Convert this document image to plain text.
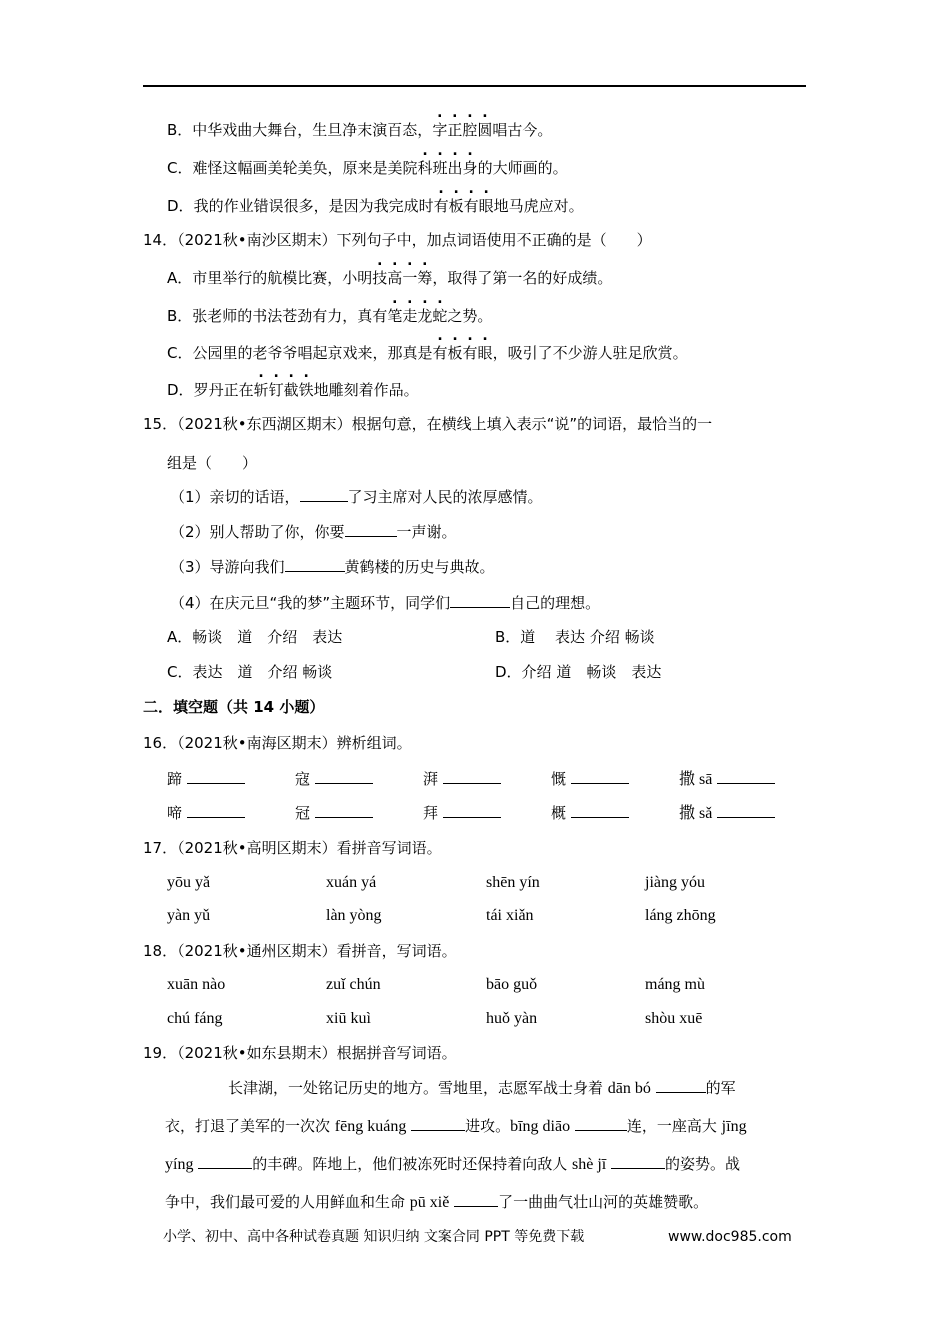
B．中华戏曲大舞台，生旦净末演百态，字正腔圆唱古今。
C．难怪这幅画美轮美奂，原来是美院科班出身的大师画的。
D．我的作业错误很多，是因为我完成时有板有眼地马虎应对。
14．（2021秋•南沙区期末）下列句子中，加点词语使用不正确的是（　　）
A．市里举行的航模比赛，小明技高一筹，取得了第一名的好成绩。
B．张老师的书法苍劲有力，真有笔走龙蛇之势。
C．公园里的老爷爷唱起京戏来，那真是有板有眼，吸引了不少游人驻足欣赏。
D．罗丹正在斩钉截铁地雕刻着作品。
15．（2021秋•东西湖区期末）根据句意，在横线上填入表示“说”的词语，最恰当的一
组是（　　）
（1）亲切的话语，	了习主席对人民的浓厚感情。
（2）别人帮助了你，你要	一声谢。
（3）导游向我们	黄鹤楼的历史与典故。
（4）在庆元旦“我的梦”主题环节，同学们	自己的理想。
A．畅谈　道　介绍　表达	B．道　 表达 介绍 畅谈
C．表达　道　介绍 畅谈	D．介绍 道　畅谈　表达
二．填空题（共 14 小题）
16．（2021秋•南海区期末）辨析组词。
蹄	寇	湃	慨	撒 sā
啼	冠	拜	概	撒 sǎ
17．（2021秋•高明区期末）看拼音写词语。
yōu yǎ	xuán yá	shēn yín	jiàng yóu
yàn yǔ	làn yòng	tái xiǎn	láng zhōng
18．（2021秋•通州区期末）看拼音，写词语。
xuān nào	zuǐ chún	bāo guǒ	máng mù
chú fáng	xiū kuì	huǒ yàn	shòu xuē
19．（2021秋•如东县期末）根据拼音写词语。
长津湖，一处铭记历史的地方。雪地里，志愿军战士身着 dān bó	的军
衣，打退了美军的一次次 fēng kuáng	进攻。bīng diāo	连，一座高大 jīng
yíng	的丰碑。阵地上，他们被冻死时还保持着向敌人 shè jī	的姿势。战
争中，我们最可爱的人用鲜血和生命 pū xiě	了一曲曲气壮山河的英雄赞歌。
小学、初中、高中各种试卷真题 知识归纳 文案合同 PPT 等免费下载	www.doc985.com
